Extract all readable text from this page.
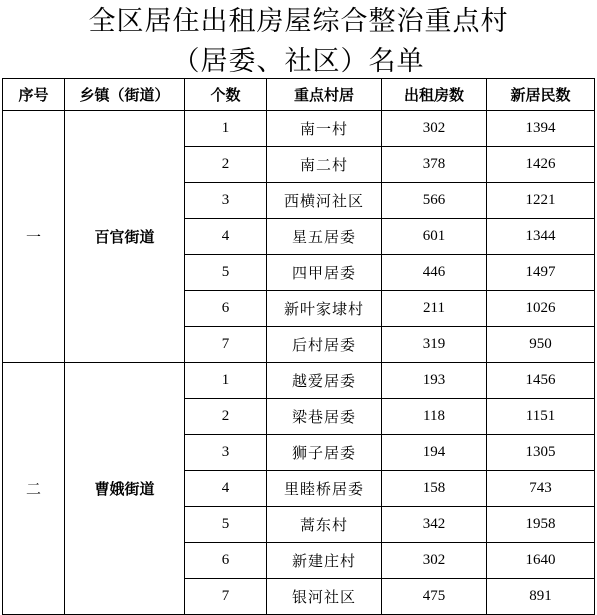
全区居住出租房屋综合整治重点村
（居委、社区）名单
序号	乡镇（街道）	个数	重点村居	出租房数	新居民数
一	百官街道	1	南一村	302	1394
		2	南二村	378	1426
		3	西横河社区	566	1221
		4	星五居委	601	1344
		5	四甲居委	446	1497
		6	新叶家埭村	211	1026
		7	后村居委	319	950
二	曹娥街道	1	越爱居委	193	1456
		2	梁巷居委	118	1151
		3	狮子居委	194	1305
		4	里睦桥居委	158	743
		5	蒿东村	342	1958
		6	新建庄村	302	1640
		7	银河社区	475	891
